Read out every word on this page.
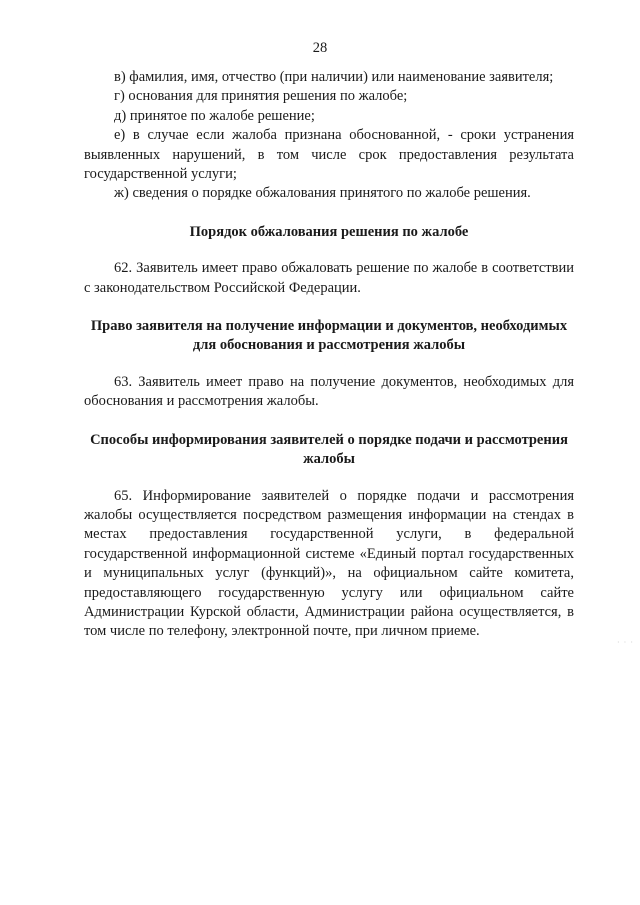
28

в) фамилия, имя, отчество (при наличии) или наименование заявителя;

г) основания для принятия решения по жалобе;

д) принятое по жалобе решение;

е) в случае если жалоба признана обоснованной, - сроки устранения выявленных нарушений, в том числе срок предоставления результата государственной услуги;

ж) сведения о порядке обжалования принятого по жалобе решения.

Порядок обжалования решения по жалобе

62. Заявитель имеет право обжаловать решение по жалобе в соответствии с законодательством Российской Федерации.

Право заявителя на получение информации и документов, необходимых для обоснования и рассмотрения жалобы

63. Заявитель имеет право на получение документов, необходимых для обоснования и рассмотрения жалобы.

Способы информирования заявителей о порядке подачи и рассмотрения жалобы

65. Информирование заявителей о порядке подачи и рассмотрения жалобы осуществляется посредством размещения информации на стендах в местах предоставления государственной услуги, в федеральной государственной информационной системе «Единый портал государственных и муниципальных услуг (функций)», на официальном сайте комитета, предоставляющего государственную услугу или официальном сайте Администрации Курской области, Администрации района осуществляется, в том числе по телефону, электронной почте, при личном приеме.

· · ·
